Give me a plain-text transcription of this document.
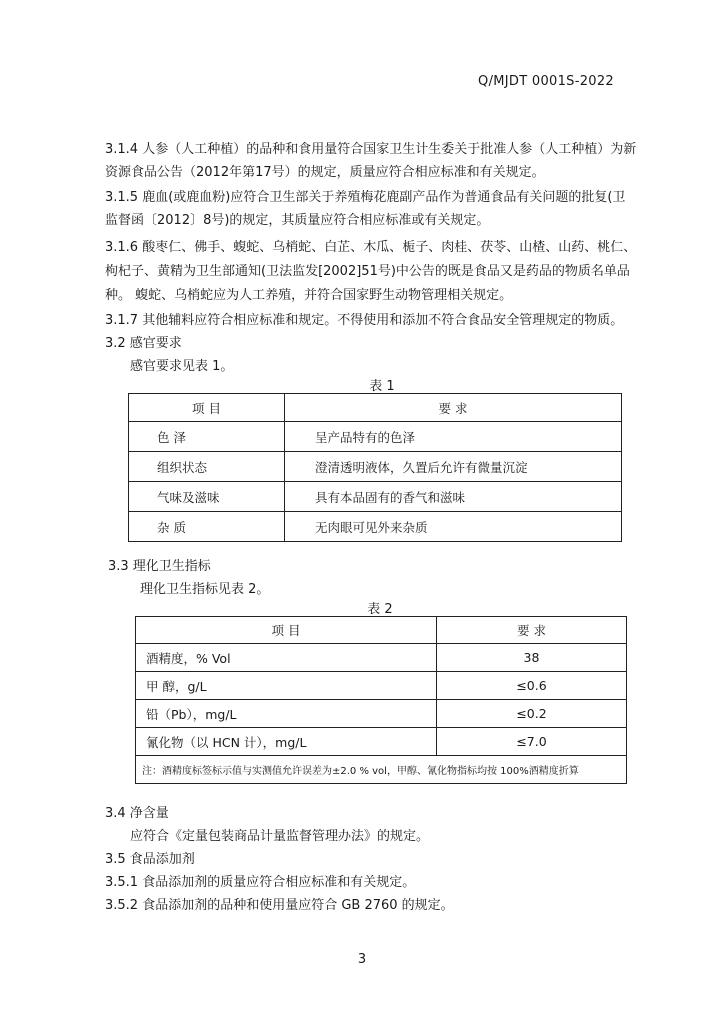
Q/MJDT 0001S-2022
3.1.4 人参（人工种植）的品种和食用量符合国家卫生计生委关于批准人参（人工种植）为新
资源食品公告（2012年第17号）的规定，质量应符合相应标准和有关规定。
3.1.5 鹿血(或鹿血粉)应符合卫生部关于养殖梅花鹿副产品作为普通食品有关问题的批复(卫
监督函〔2012〕8号)的规定，其质量应符合相应标准或有关规定。
3.1.6 酸枣仁、佛手、蝮蛇、乌梢蛇、白芷、木瓜、栀子、肉桂、茯苓、山楂、山药、桃仁、
枸杞子、黄精为卫生部通知(卫法监发[2002]51号)中公告的既是食品又是药品的物质名单品
种。 蝮蛇、乌梢蛇应为人工养殖，并符合国家野生动物管理相关规定。
3.1.7 其他辅料应符合相应标准和规定。不得使用和添加不符合食品安全管理规定的物质。
3.2 感官要求
感官要求见表 1。
表 1
项 目	要 求
色 泽	呈产品特有的色泽
组织状态	澄清透明液体，久置后允许有微量沉淀
气味及滋味	具有本品固有的香气和滋味
杂 质	无肉眼可见外来杂质
3.3 理化卫生指标
理化卫生指标见表 2。
表 2
项 目	要 求
酒精度，% Vol	38
甲 醇，g/L	≤0.6
铅（Pb），mg/L	≤0.2
氰化物（以 HCN 计），mg/L	≤7.0
注：酒精度标签标示值与实测值允许误差为±2.0 % vol，甲醇、氰化物指标均按 100%酒精度折算	
3.4 净含量
应符合《定量包装商品计量监督管理办法》的规定。
3.5 食品添加剂
3.5.1 食品添加剂的质量应符合相应标准和有关规定。
3.5.2 食品添加剂的品种和使用量应符合 GB 2760 的规定。
3
